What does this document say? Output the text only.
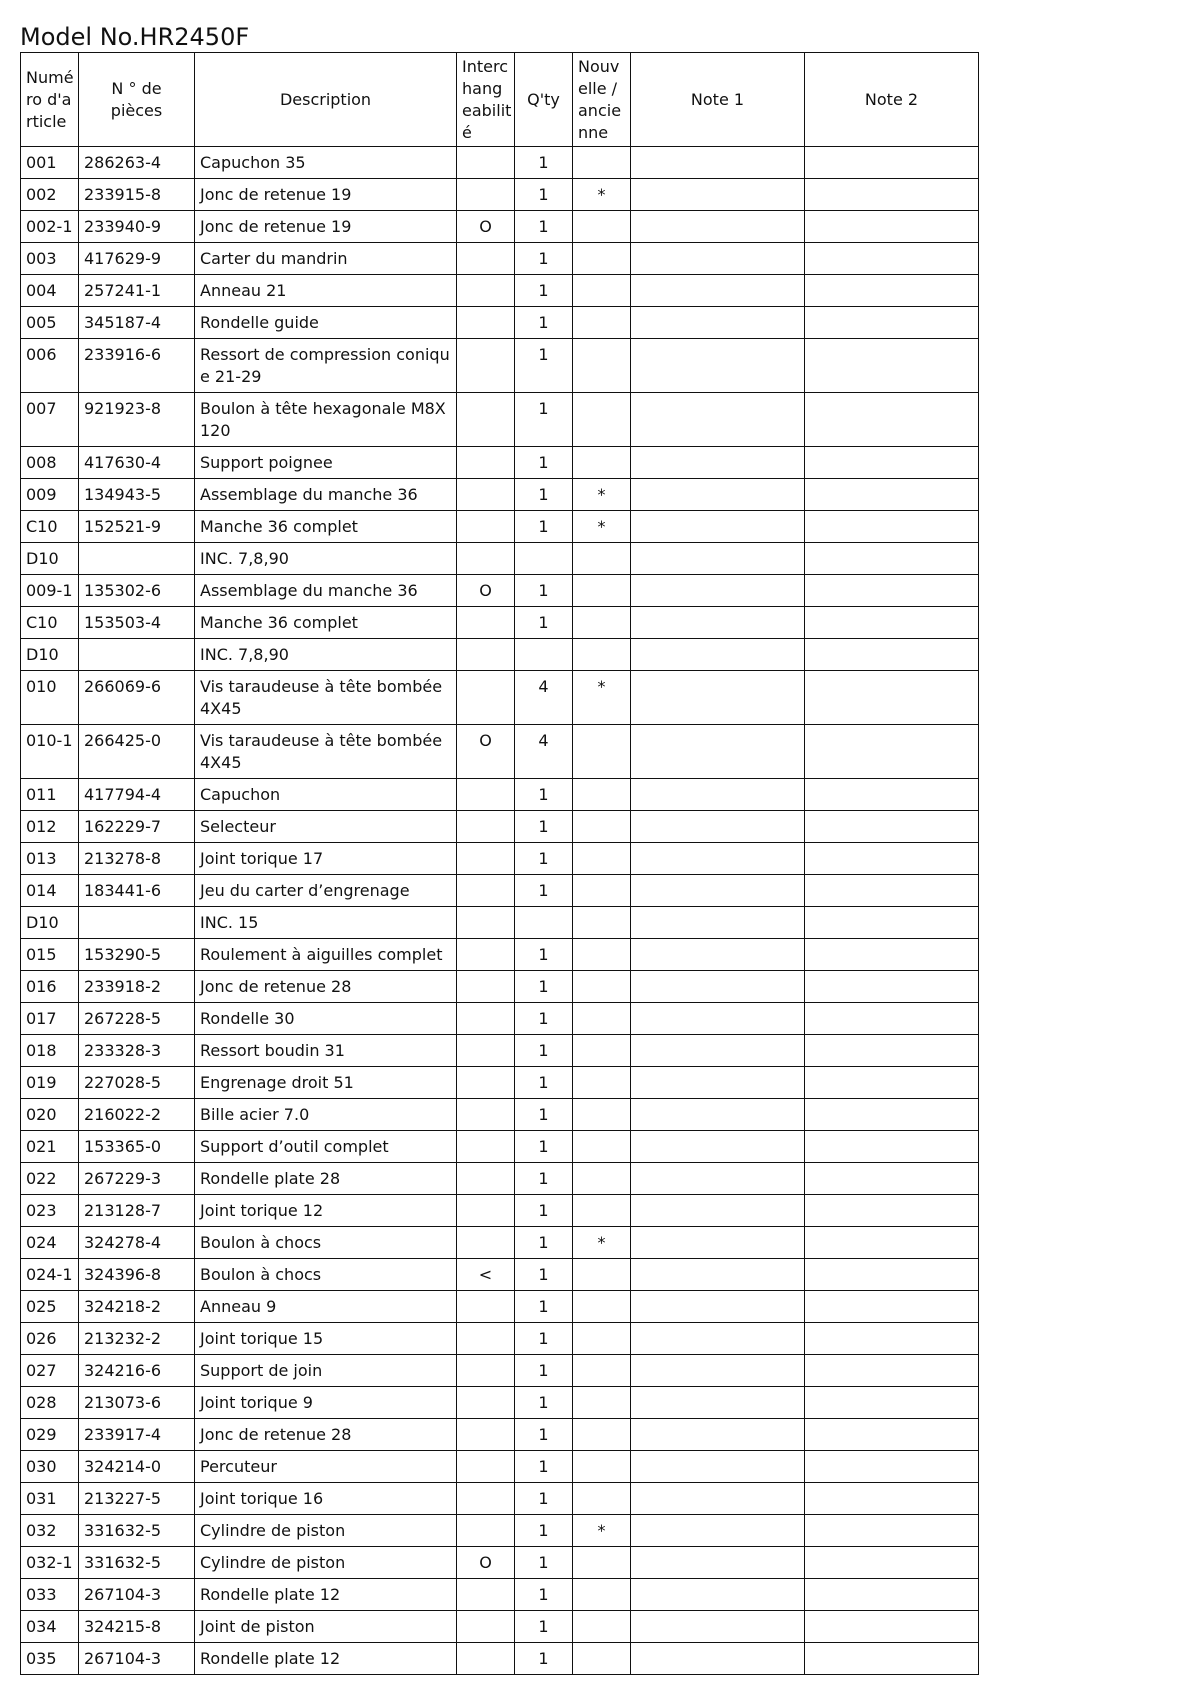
Model No.HR2450F
Numé ro d'a rticle	N ° de pièces	Description	Interc hang eabilit é	Q'ty	Nouv elle / ancie nne	Note 1	Note 2
001	286263-4	Capuchon 35		1			
002	233915-8	Jonc de retenue 19		1	*		
002-1	233940-9	Jonc de retenue 19	O	1			
003	417629-9	Carter du mandrin		1			
004	257241-1	Anneau 21		1			
005	345187-4	Rondelle guide		1			
006	233916-6	Ressort de compression conique 21-29		1			
007	921923-8	Boulon à tête hexagonale M8X120		1			
008	417630-4	Support poignee		1			
009	134943-5	Assemblage du manche 36		1	*		
C10	152521-9	Manche 36 complet		1	*		
D10		INC. 7,8,90					
009-1	135302-6	Assemblage du manche 36	O	1			
C10	153503-4	Manche 36 complet		1			
D10		INC. 7,8,90					
010	266069-6	Vis taraudeuse à tête bombée 4X45		4	*		
010-1	266425-0	Vis taraudeuse à tête bombée 4X45	O	4			
011	417794-4	Capuchon		1			
012	162229-7	Selecteur		1			
013	213278-8	Joint torique 17		1			
014	183441-6	Jeu du carter d’engrenage		1			
D10		INC. 15					
015	153290-5	Roulement à aiguilles complet		1			
016	233918-2	Jonc de retenue 28		1			
017	267228-5	Rondelle 30		1			
018	233328-3	Ressort boudin 31		1			
019	227028-5	Engrenage droit 51		1			
020	216022-2	Bille acier 7.0		1			
021	153365-0	Support d’outil complet		1			
022	267229-3	Rondelle plate 28		1			
023	213128-7	Joint torique 12		1			
024	324278-4	Boulon à chocs		1	*		
024-1	324396-8	Boulon à chocs	<	1			
025	324218-2	Anneau 9		1			
026	213232-2	Joint torique 15		1			
027	324216-6	Support de join		1			
028	213073-6	Joint torique 9		1			
029	233917-4	Jonc de retenue 28		1			
030	324214-0	Percuteur		1			
031	213227-5	Joint torique 16		1			
032	331632-5	Cylindre de piston		1	*		
032-1	331632-5	Cylindre de piston	O	1			
033	267104-3	Rondelle plate 12		1			
034	324215-8	Joint de piston		1			
035	267104-3	Rondelle plate 12		1			
